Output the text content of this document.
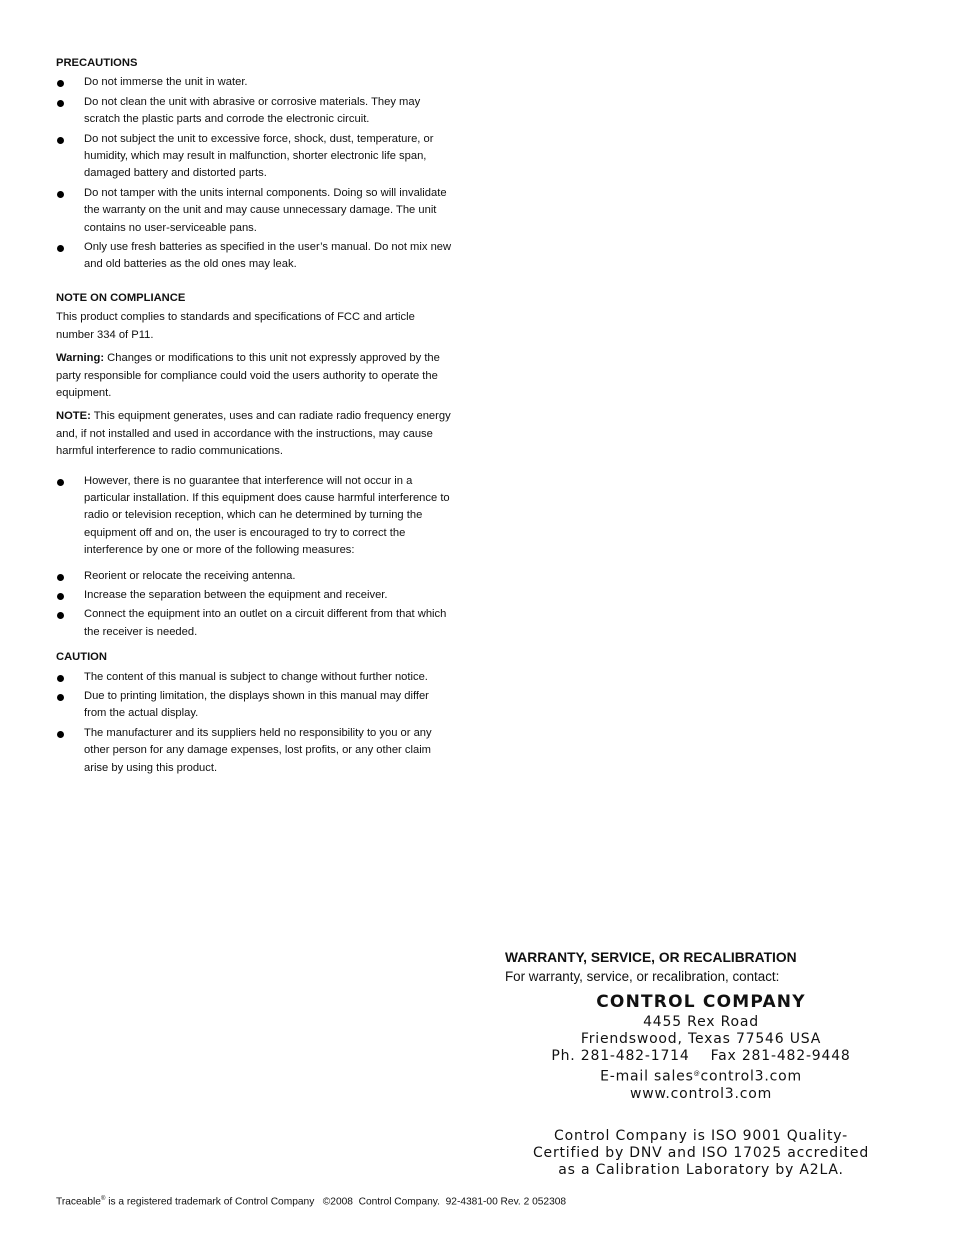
PRECAUTIONS
Do not immerse the unit in water.
Do not clean the unit with abrasive or corrosive materials. They may scratch the plastic parts and corrode the electronic circuit.
Do not subject the unit to excessive force, shock, dust, temperature, or humidity, which may result in malfunction, shorter electronic life span, damaged battery and distorted parts.
Do not tamper with the units internal components. Doing so will invalidate the warranty on the unit and may cause unnecessary damage. The unit contains no user-serviceable pans.
Only use fresh batteries as specified in the user’s manual. Do not mix new and old batteries as the old ones may leak.
NOTE ON COMPLIANCE

This product complies to standards and specifications of FCC and article number 334 of P11.

Warning: Changes or modifications to this unit not expressly approved by the party responsible for compliance could void the users authority to operate the equipment.

NOTE: This equipment generates, uses and can radiate radio frequency energy and, if not installed and used in accordance with the instructions, may cause harmful interference to radio communications.

However, there is no guarantee that interference will not occur in a particular installation. If this equipment does cause harmful interference to radio or television reception, which can he determined by turning the equipment off and on, the user is encouraged to try to correct the interference by one or more of the following measures:
Reorient or relocate the receiving antenna.
Increase the separation between the equipment and receiver.
Connect the equipment into an outlet on a circuit different from that which the receiver is needed.
CAUTION
The content of this manual is subject to change without further notice.
Due to printing limitation, the displays shown in this manual may differ from the actual display.
The manufacturer and its suppliers held no responsibility to you or any other person for any damage expenses, lost profits, or any other claim arise by using this product.
WARRANTY, SERVICE, OR RECALIBRATION
For warranty, service, or recalibration, contact:
CONTROL COMPANY
4455 Rex Road
Friendswood, Texas 77546 USA
Ph. 281-482-1714    Fax 281-482-9448
E-mail sales@control3.com
www.control3.com
Control Company is ISO 9001 Quality-
Certified by DNV and ISO 17025 accredited
as a Calibration Laboratory by A2LA.
Traceable® is a registered trademark of Control Company   ©2008  Control Company.  92-4381-00 Rev. 2 052308
